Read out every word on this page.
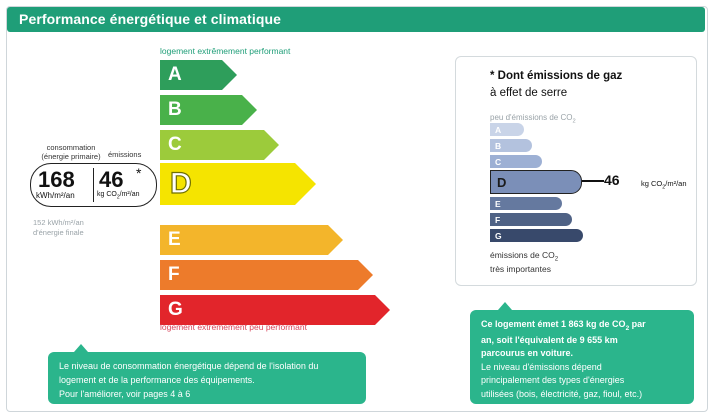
Performance énergétique et climatique
logement extrêmement performant
A
B
C
D
E
F
G
logement extrêmement peu performant
consommation
(énergie primaire) émissions
168
kWh/m²/an
46 *
kg $CO_2/m^2/an$
152 kWh/m²/an
d'énergie finale
* Dont émissions de gaz
à effet de serre
peu d'émissions de $CO_2$
A
B
C
D
E
F
G
46	kg $CO_2/m^2/an$
émissions de $CO_2$
très importantes
Le niveau de consommation énergétique dépend de l'isolation du
logement et de la performance des équipements.
Pour l'améliorer, voir pages 4 à 6
Ce logement émet 1 863 kg de $CO_2$ par
an, soit l'équivalent de 9 655 km
parcourus en voiture.
Le niveau d'émissions dépend
principalement des types d'énergies
utilisées (bois, électricité, gaz, fioul, etc.)
